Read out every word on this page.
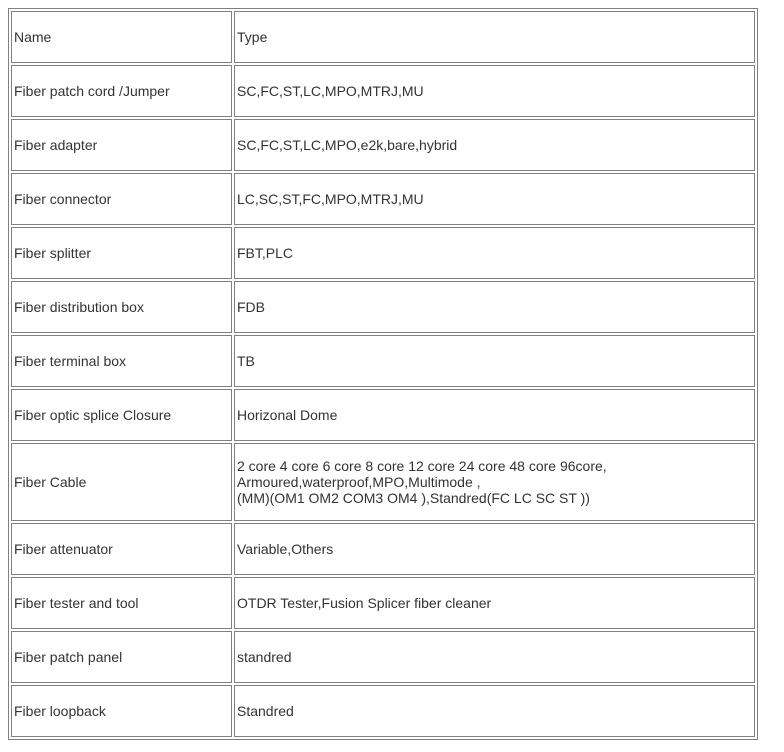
Name	Type
Fiber patch cord /Jumper	SC,FC,ST,LC,MPO,MTRJ,MU

Fiber adapter	SC,FC,ST,LC,MPO,e2k,bare,hybrid

Fiber connector	LC,SC,ST,FC,MPO,MTRJ,MU

Fiber splitter	FBT,PLC

Fiber distribution box	FDB

Fiber terminal box	TB

Fiber optic splice Closure	Horizonal Dome

Fiber Cable	2 core 4 core 6 core 8 core 12 core 24 core 48 core 96core,
Armoured,waterproof,MPO,Multimode ,
(MM)(OM1 OM2 COM3 OM4 ),Standred(FC LC SC ST ))

Fiber attenuator	Variable,Others

Fiber tester and tool	OTDR Tester,Fusion Splicer fiber cleaner

Fiber patch panel	standred

Fiber loopback	Standred
